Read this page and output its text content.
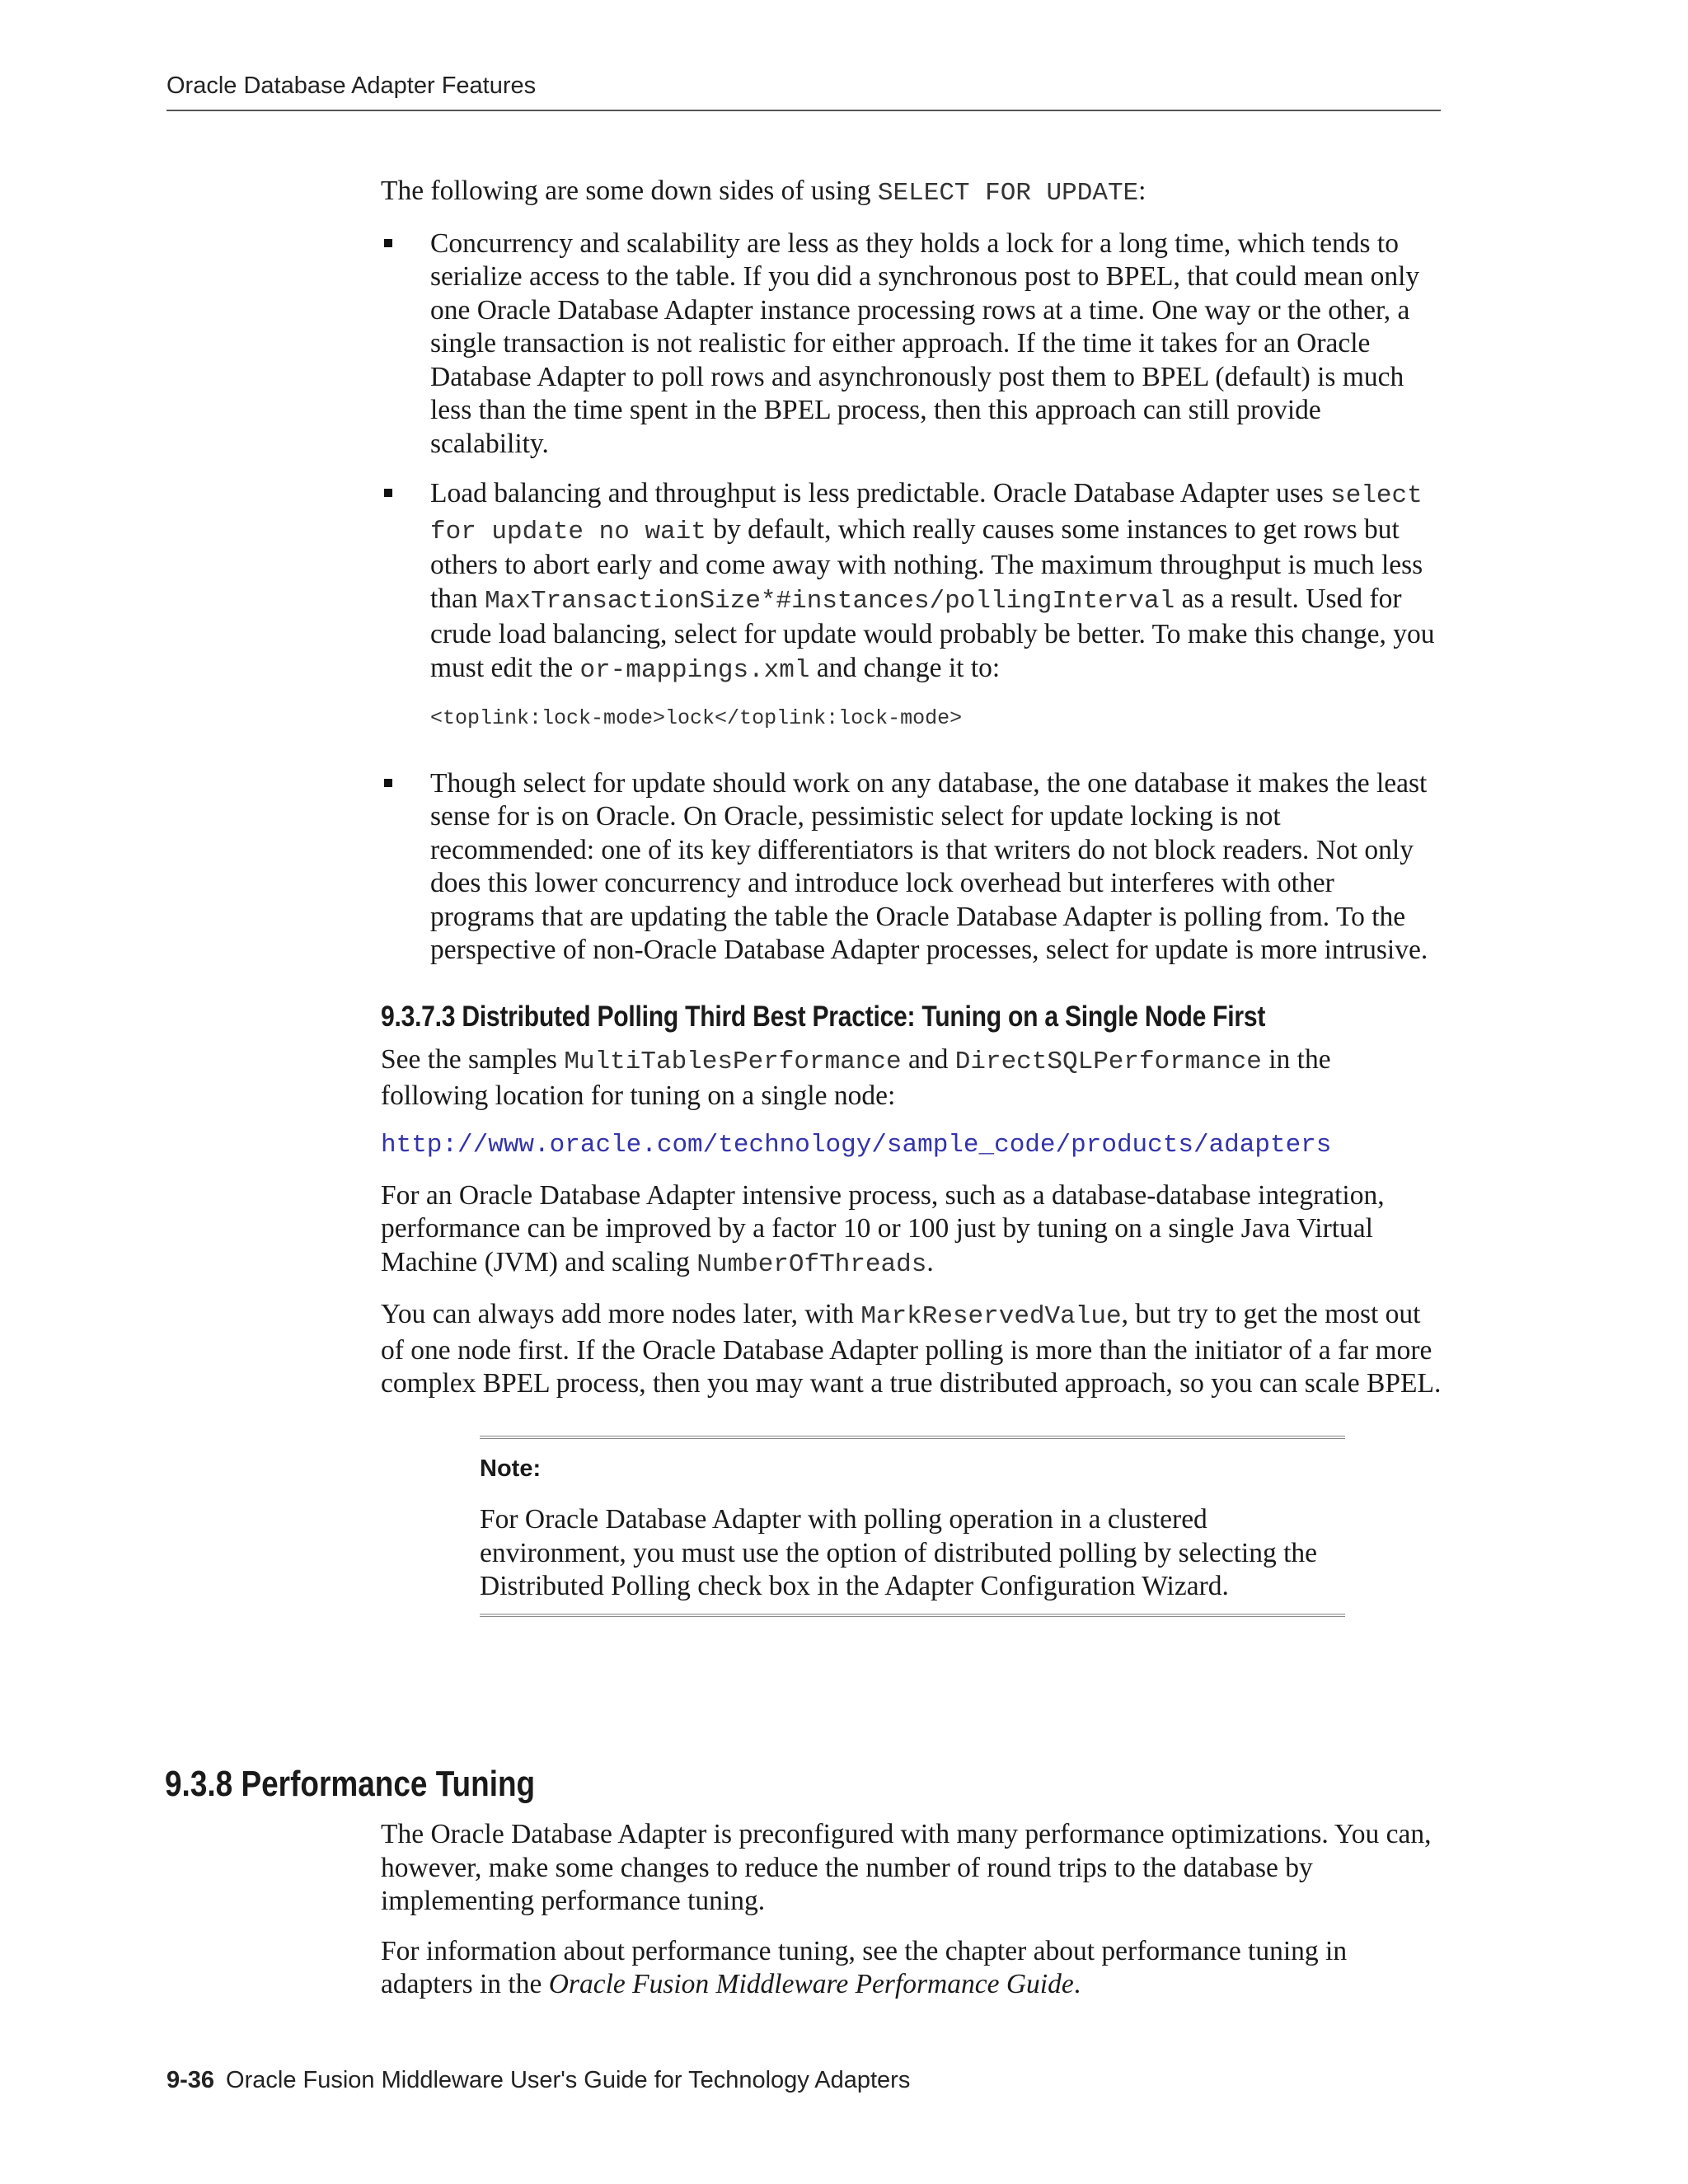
Oracle Database Adapter Features

The following are some down sides of using SELECT FOR UPDATE:

Concurrency and scalability are less as they holds a lock for a long time, which tends to serialize access to the table. If you did a synchronous post to BPEL, that could mean only one Oracle Database Adapter instance processing rows at a time. One way or the other, a single transaction is not realistic for either approach. If the time it takes for an Oracle Database Adapter to poll rows and asynchronously post them to BPEL (default) is much less than the time spent in the BPEL process, then this approach can still provide scalability.
Load balancing and throughput is less predictable. Oracle Database Adapter uses select for update no wait by default, which really causes some instances to get rows but others to abort early and come away with nothing. The maximum throughput is much less than MaxTransactionSize*#instances/pollingInterval as a result. Used for crude load balancing, select for update would probably be better. To make this change, you must edit the or-mappings.xml and change it to:
<toplink:lock-mode>lock</toplink:lock-mode>
Though select for update should work on any database, the one database it makes the least sense for is on Oracle. On Oracle, pessimistic select for update locking is not recommended: one of its key differentiators is that writers do not block readers. Not only does this lower concurrency and introduce lock overhead but interferes with other programs that are updating the table the Oracle Database Adapter is polling from. To the perspective of non-Oracle Database Adapter processes, select for update is more intrusive.
9.3.7.3 Distributed Polling Third Best Practice: Tuning on a Single Node First

See the samples MultiTablesPerformance and DirectSQLPerformance in the following location for tuning on a single node:

http://www.oracle.com/technology/sample_code/products/adapters

For an Oracle Database Adapter intensive process, such as a database-database integration, performance can be improved by a factor 10 or 100 just by tuning on a single Java Virtual Machine (JVM) and scaling NumberOfThreads.

You can always add more nodes later, with MarkReservedValue, but try to get the most out of one node first. If the Oracle Database Adapter polling is more than the initiator of a far more complex BPEL process, then you may want a true distributed approach, so you can scale BPEL.

Note:

For Oracle Database Adapter with polling operation in a clustered environment, you must use the option of distributed polling by selecting the Distributed Polling check box in the Adapter Configuration Wizard.

9.3.8 Performance Tuning

The Oracle Database Adapter is preconfigured with many performance optimizations. You can, however, make some changes to reduce the number of round trips to the database by implementing performance tuning.

For information about performance tuning, see the chapter about performance tuning in adapters in the Oracle Fusion Middleware Performance Guide.

9-36 Oracle Fusion Middleware User's Guide for Technology Adapters
